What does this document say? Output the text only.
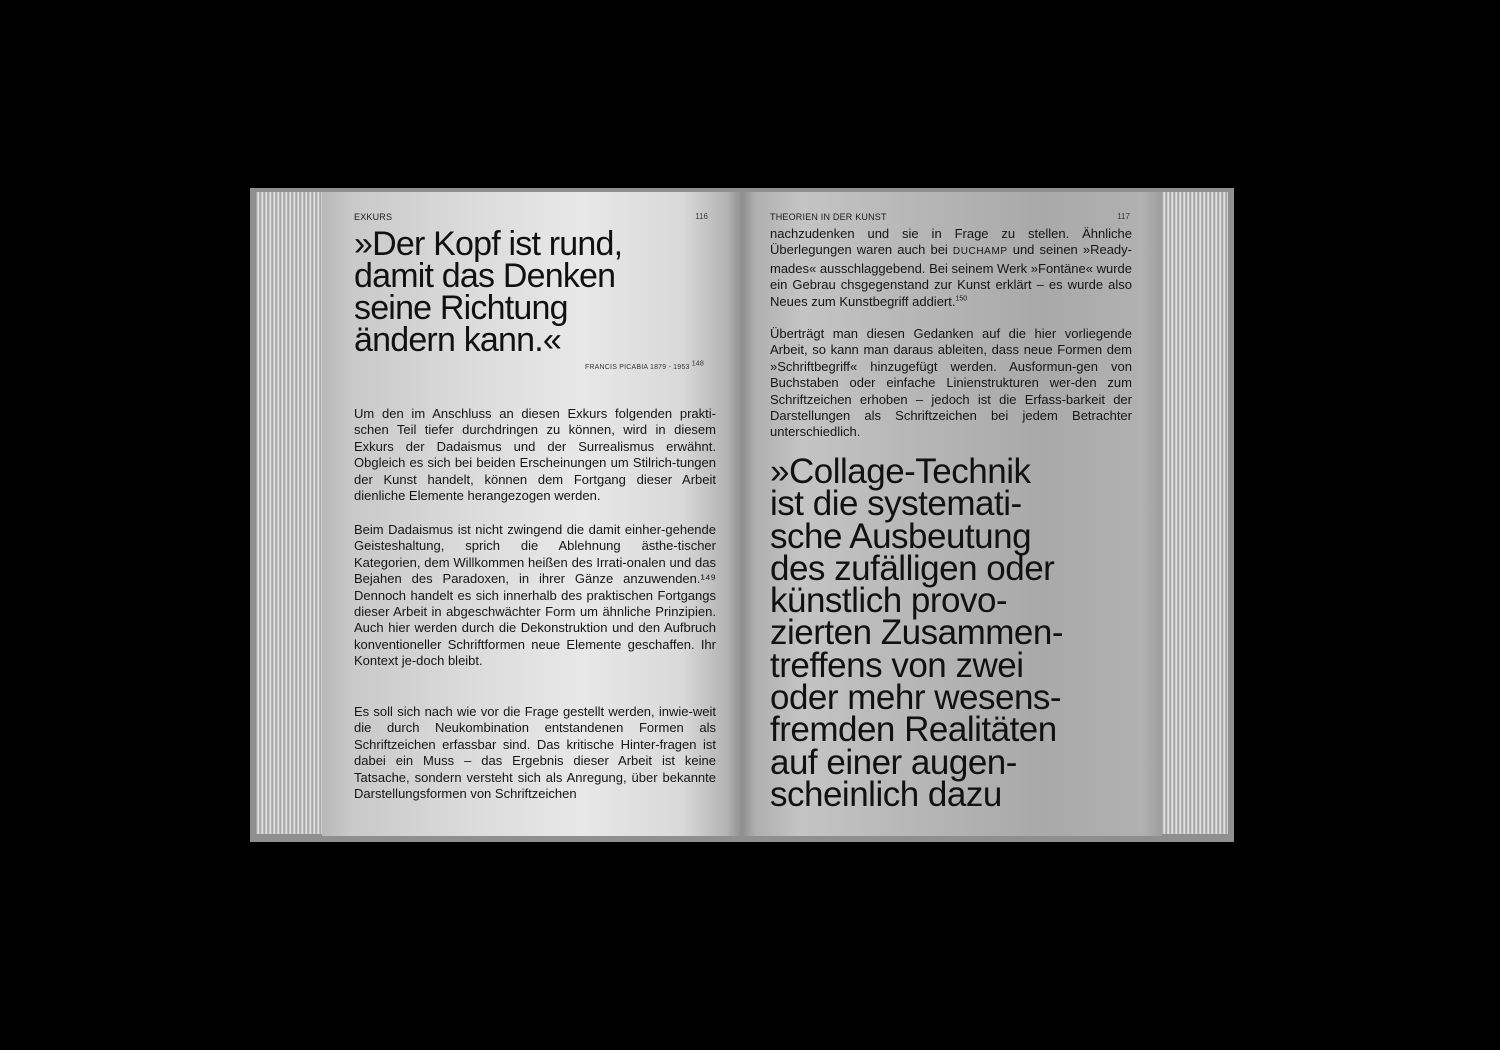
EXKURS	116
»Der Kopf ist rund,
damit das Denken
seine Richtung
ändern kann.«
FRANCIS PICABIA 1879 - 1953 $^{148}$

Um den im Anschluss an diesen Exkurs folgenden prakti-schen Teil tiefer durchdringen zu können, wird in diesem Exkurs der Dadaismus und der Surrealismus erwähnt. Obgleich es sich bei beiden Erscheinungen um Stilrich-tungen der Kunst handelt, können dem Fortgang dieser Arbeit dienliche Elemente herangezogen werden.

Beim Dadaismus ist nicht zwingend die damit einher-gehende Geisteshaltung, sprich die Ablehnung ästhe-tischer Kategorien, dem Willkommen heißen des Irrati-onalen und das Bejahen des Paradoxen, in ihrer Gänze anzuwenden.¹⁴⁹ Dennoch handelt es sich innerhalb des praktischen Fortgangs dieser Arbeit in abgeschwächter Form um ähnliche Prinzipien. Auch hier werden durch die Dekonstruktion und den Aufbruch konventioneller Schriftformen neue Elemente geschaffen. Ihr Kontext je-doch bleibt.

Es soll sich nach wie vor die Frage gestellt werden, inwie-weit die durch Neukombination entstandenen Formen als Schriftzeichen erfassbar sind. Das kritische Hinter-fragen ist dabei ein Muss – das Ergebnis dieser Arbeit ist keine Tatsache, sondern versteht sich als Anregung, über bekannte Darstellungsformen von Schriftzeichen

THEORIEN IN DER KUNST	117

nachzudenken und sie in Frage zu stellen. Ähnliche Überlegungen waren auch bei DUCHAMP und seinen »Ready-mades« ausschlaggebend. Bei seinem Werk »Fontäne« wurde ein Gebrau chsgegenstand zur Kunst erklärt – es wurde also Neues zum Kunstbegriff addiert.$^{150}$

Überträgt man diesen Gedanken auf die hier vorliegende Arbeit, so kann man daraus ableiten, dass neue Formen dem »Schriftbegriff« hinzugefügt werden. Ausformun-gen von Buchstaben oder einfache Linienstrukturen wer-den zum Schriftzeichen erhoben – jedoch ist die Erfass-barkeit der Darstellungen als Schriftzeichen bei jedem Betrachter unterschiedlich.

»Collage-Technik
ist die systemati-
sche Ausbeutung
des zufälligen oder
künstlich provo-
zierten Zusammen-
treffens von zwei
oder mehr wesens-
fremden Realitäten
auf einer augen-
scheinlich dazu
